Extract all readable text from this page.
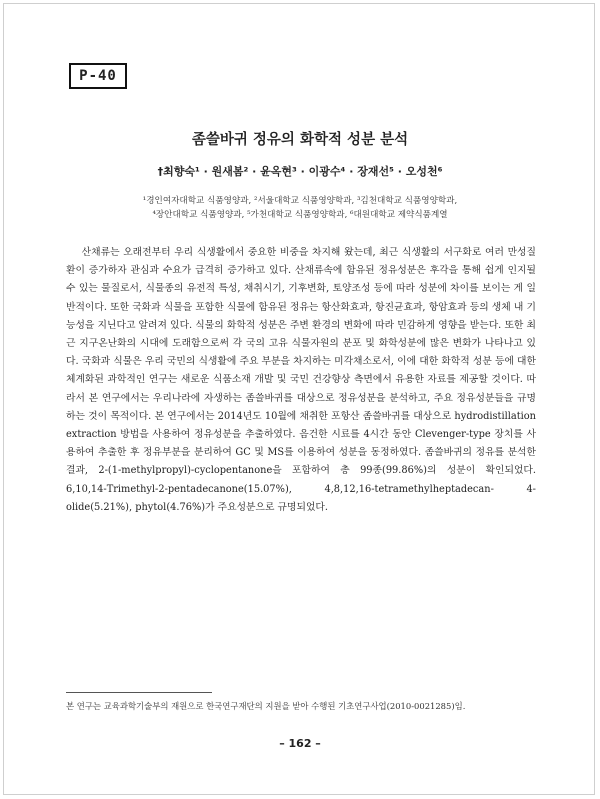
P-40
좀쓸바귀 정유의 화학적 성분 분석
†최향숙¹ · 원새봄² · 윤옥현³ · 이광수⁴ · 장재선⁵ · 오성천⁶
¹경인여자대학교 식품영양과, ²서울대학교 식품영양학과, ³김천대학교 식품영양학과,
⁴장안대학교 식품영양과, ⁵가천대학교 식품영양학과, ⁶대원대학교 제약식품계열

산채류는 오래전부터 우리 식생활에서 중요한 비중을 차지해 왔는데, 최근 식생활의 서구화로 여러 만성질환이 증가하자 관심과 수요가 급격히 증가하고 있다. 산채류속에 함유된 정유성분은 후각을 통해 쉽게 인지될 수 있는 물질로서, 식물종의 유전적 특성, 채취시기, 기후변화, 토양조성 등에 따라 성분에 차이를 보이는 게 일반적이다. 또한 국화과 식물을 포함한 식물에 함유된 정유는 항산화효과, 항진균효과, 항암효과 등의 생체 내 기능성을 지닌다고 알려져 있다. 식물의 화학적 성분은 주변 환경의 변화에 따라 민감하게 영향을 받는다. 또한 최근 지구온난화의 시대에 도래함으로써 각 국의 고유 식물자원의 분포 및 화학성분에 많은 변화가 나타나고 있다. 국화과 식물은 우리 국민의 식생활에 주요 부분을 차지하는 미각채소로서, 이에 대한 화학적 성분 등에 대한 체계화된 과학적인 연구는 새로운 식품소재 개발 및 국민 건강향상 측면에서 유용한 자료를 제공할 것이다. 따라서 본 연구에서는 우리나라에 자생하는 좀쓸바귀를 대상으로 정유성분을 분석하고, 주요 정유성분들을 규명하는 것이 목적이다. 본 연구에서는 2014년도 10월에 채취한 포항산 좀쓸바귀를 대상으로 hydrodistillation extraction 방법을 사용하여 정유성분을 추출하였다. 음건한 시료를 4시간 동안 Clevenger-type 장치를 사용하여 추출한 후 정유부분을 분리하여 GC 및 MS를 이용하여 성분을 동정하였다. 좀쓸바귀의 정유를 분석한 결과, 2-(1-methylpropyl)-cyclopentanone을 포함하여 총 99종(99.86%)의 성분이 확인되었다. 6,10,14-Trimethyl-2-pentadecanone(15.07%), 4,8,12,16-tetramethylheptadecan- 4-olide(5.21%), phytol(4.76%)가 주요성분으로 규명되었다.

본 연구는 교육과학기술부의 재원으로 한국연구재단의 지원을 받아 수행된 기초연구사업(2010-0021285)임.
– 162 –
